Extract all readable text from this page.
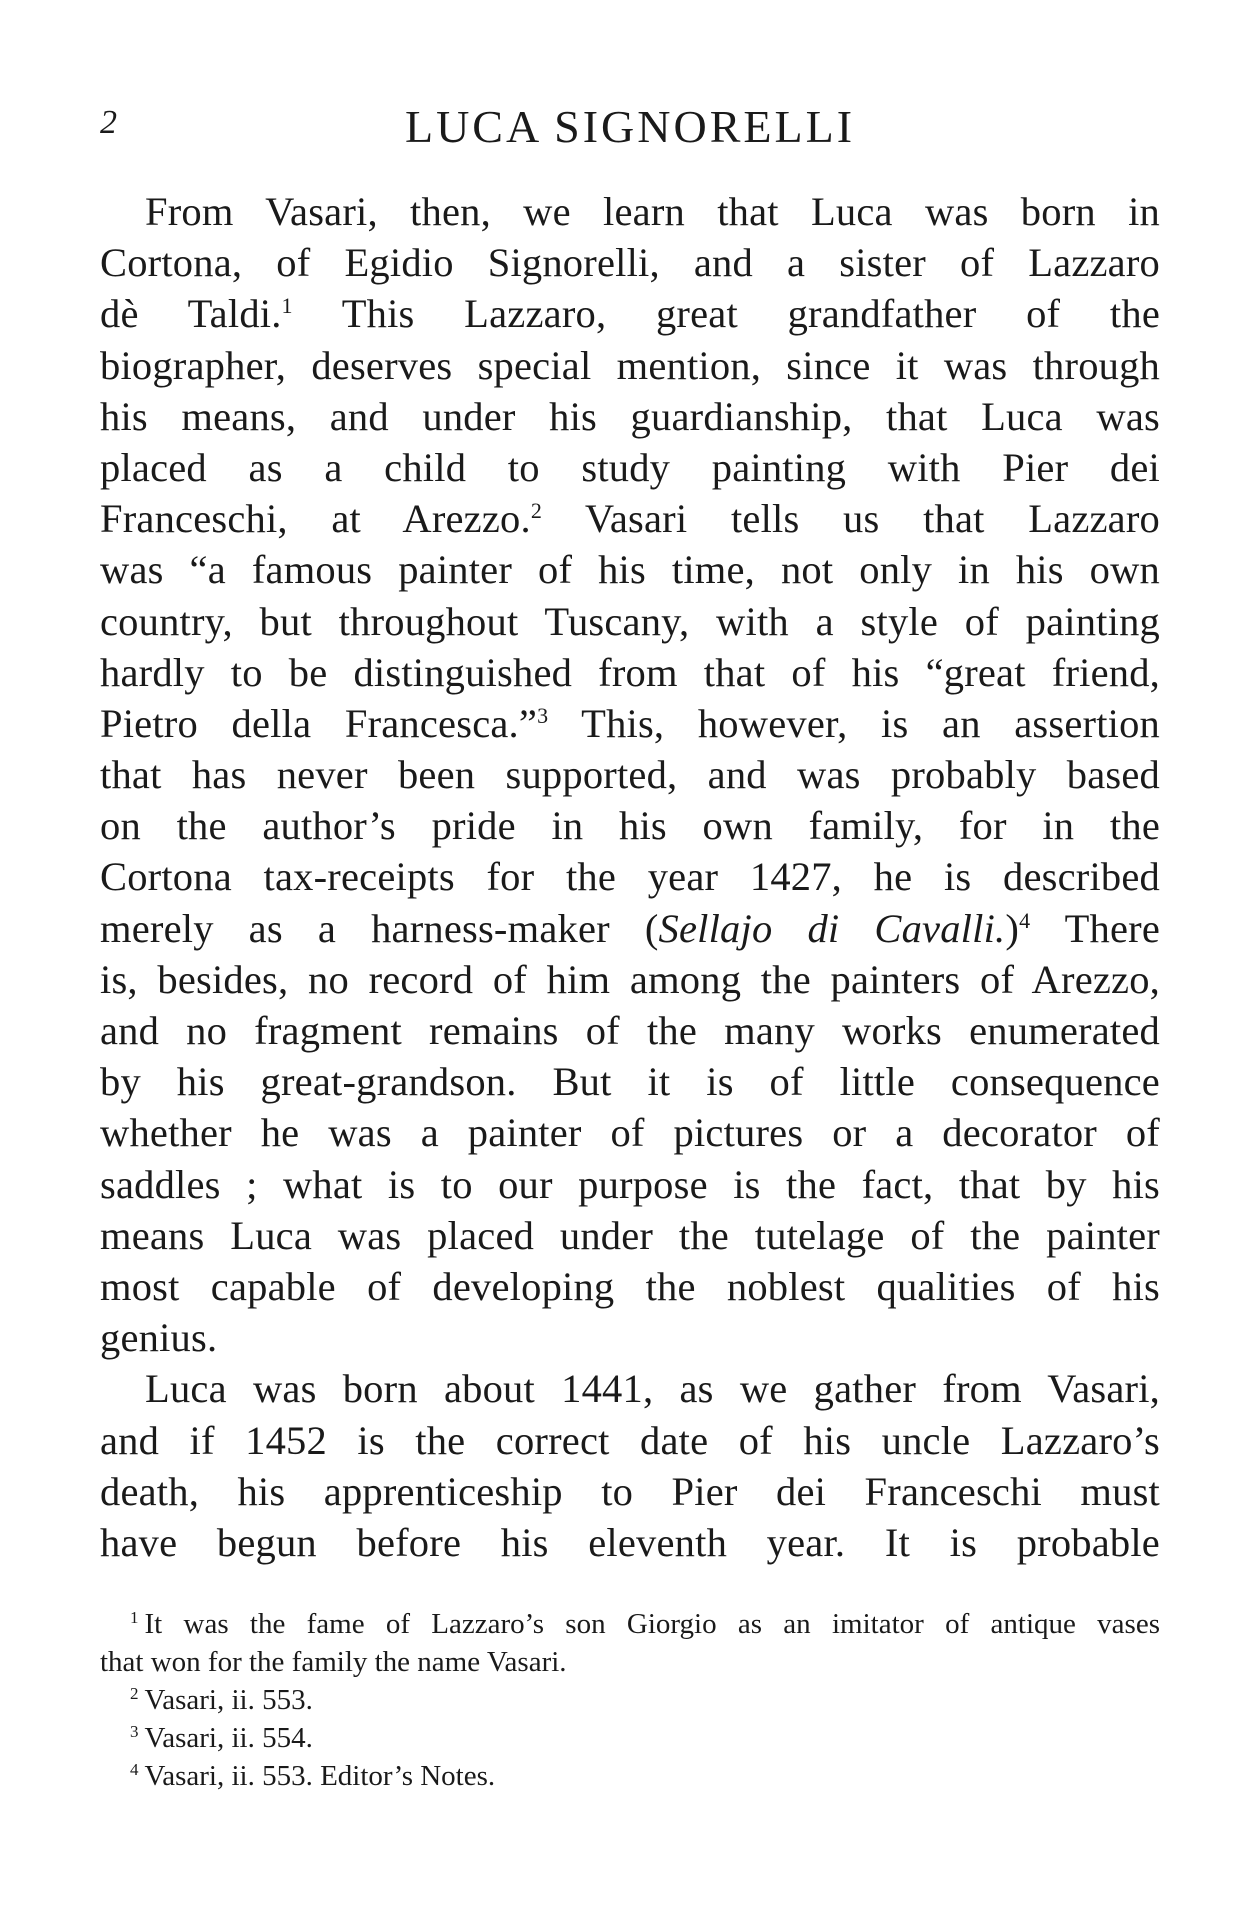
2	LUCA SIGNORELLI
From Vasari, then, we learn that Luca was born in
Cortona, of Egidio Signorelli, and a sister of Lazzaro
dè Taldi.$^1$ This Lazzaro, great grandfather of the
biographer, deserves special mention, since it was through
his means, and under his guardianship, that Luca was
placed as a child to study painting with Pier dei
Franceschi, at Arezzo.$^2$ Vasari tells us that Lazzaro
was “a famous painter of his time, not only in his own
country, but throughout Tuscany, with a style of painting
hardly to be distinguished from that of his “great friend,
Pietro della Francesca.”$^3$ This, however, is an assertion
that has never been supported, and was probably based
on the author’s pride in his own family, for in the
Cortona tax-receipts for the year 1427, he is described
merely as a harness-maker (Sellajo di Cavalli.)$^4$ There
is, besides, no record of him among the painters of Arezzo,
and no fragment remains of the many works enumerated
by his great-grandson. But it is of little consequence
whether he was a painter of pictures or a decorator of
saddles ; what is to our purpose is the fact, that by his
means Luca was placed under the tutelage of the painter
most capable of developing the noblest qualities of his
genius.
Luca was born about 1441, as we gather from Vasari,
and if 1452 is the correct date of his uncle Lazzaro’s
death, his apprenticeship to Pier dei Franceschi must
have begun before his eleventh year. It is probable
$^1$ It was the fame of Lazzaro’s son Giorgio as an imitator of antique vases
that won for the family the name Vasari.
$^2$ Vasari, ii. 553.
$^3$ Vasari, ii. 554.
$^4$ Vasari, ii. 553. Editor’s Notes.
